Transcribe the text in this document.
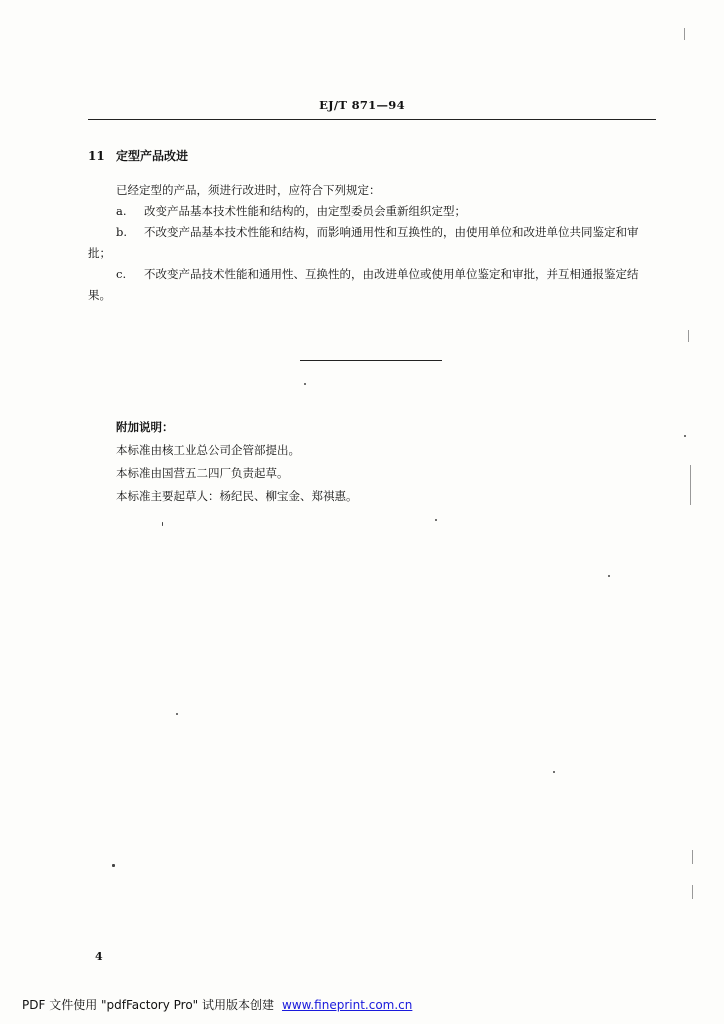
EJ/T 871—94
11 定型产品改进
已经定型的产品，须进行改进时，应符合下列规定：
a. 改变产品基本技术性能和结构的，由定型委员会重新组织定型；
b. 不改变产品基本技术性能和结构，而影响通用性和互换性的，由使用单位和改进单位共同鉴定和审批；
c. 不改变产品技术性能和通用性、互换性的，由改进单位或使用单位鉴定和审批，并互相通报鉴定结果。
附加说明：
本标准由核工业总公司企管部提出。
本标准由国营五二四厂负责起草。
本标准主要起草人：杨纪民、柳宝金、郑祺惠。
4
PDF 文件使用 "pdfFactory Pro" 试用版本创建 www.fineprint.com.cn
